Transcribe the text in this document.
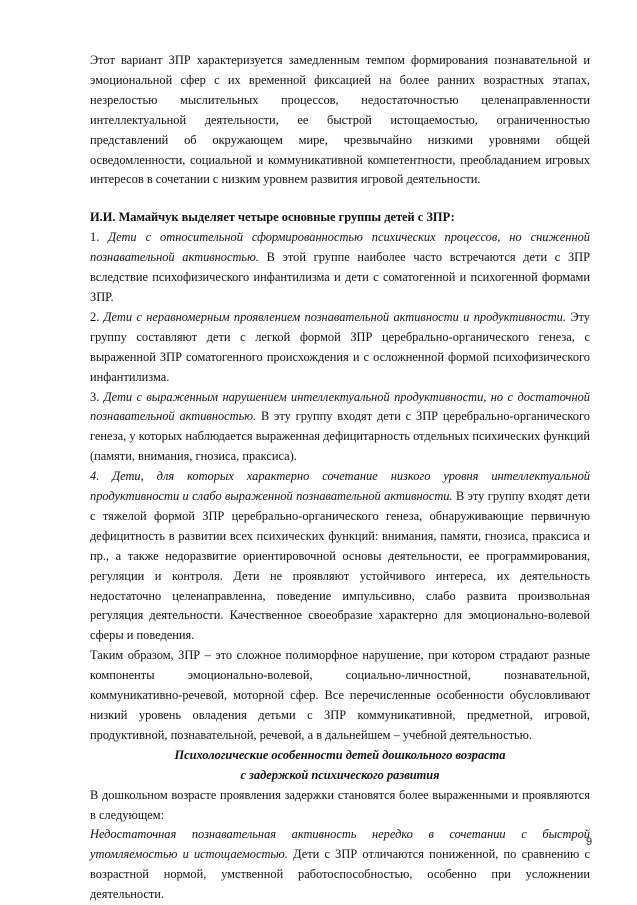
Этот вариант ЗПР характеризуется замедленным темпом формирования познавательной и эмоциональной сфер с их временной фиксацией на более ранних возрастных этапах, незрелостью мыслительных процессов, недостаточностью целенаправленности интеллектуальной деятельности, ее быстрой истощаемостью, ограниченностью представлений об окружающем мире, чрезвычайно низкими уровнями общей осведомленности, социальной и коммуникативной компетентности, преобладанием игровых интересов в сочетании с низким уровнем развития игровой деятельности.

И.И. Мамайчук выделяет четыре основные группы детей с ЗПР:

1. Дети с относительной сформированностью психических процессов, но сниженной познавательной активностью. В этой группе наиболее часто встречаются дети с ЗПР вследствие психофизического инфантилизма и дети с соматогенной и психогенной формами ЗПР.

2. Дети с неравномерным проявлением познавательной активности и продуктивности. Эту группу составляют дети с легкой формой ЗПР церебрально-органического генеза, с выраженной ЗПР соматогенного происхождения и с осложненной формой психофизического инфантилизма.

3. Дети с выраженным нарушением интеллектуальной продуктивности, но с достаточной познавательной активностью. В эту группу входят дети с ЗПР церебрально-органического генеза, у которых наблюдается выраженная дефицитарность отдельных психических функций (памяти, внимания, гнозиса, праксиса).

4. Дети, для которых характерно сочетание низкого уровня интеллектуальной продуктивности и слабо выраженной познавательной активности. В эту группу входят дети с тяжелой формой ЗПР церебрально-органического генеза, обнаруживающие первичную дефицитность в развитии всех психических функций: внимания, памяти, гнозиса, праксиса и пр., а также недоразвитие ориентировочной основы деятельности, ее программирования, регуляции и контроля. Дети не проявляют устойчивого интереса, их деятельность недостаточно целенаправленна, поведение импульсивно, слабо развита произвольная регуляция деятельности. Качественное своеобразие характерно для эмоционально-волевой сферы и поведения.

Таким образом, ЗПР – это сложное полиморфное нарушение, при котором страдают разные компоненты эмоционально-волевой, социально-личностной, познавательной, коммуникативно-речевой, моторной сфер. Все перечисленные особенности обусловливают низкий уровень овладения детьми с ЗПР коммуникативной, предметной, игровой, продуктивной, познавательной, речевой, а в дальнейшем – учебной деятельностью.

Психологические особенности детей дошкольного возраста

с задержкой психического развития

В дошкольном возрасте проявления задержки становятся более выраженными и проявляются в следующем:

Недостаточная познавательная активность нередко в сочетании с быстрой утомляемостью и истощаемостью. Дети с ЗПР отличаются пониженной, по сравнению с возрастной нормой, умственной работоспособностью, особенно при усложнении деятельности.

9
